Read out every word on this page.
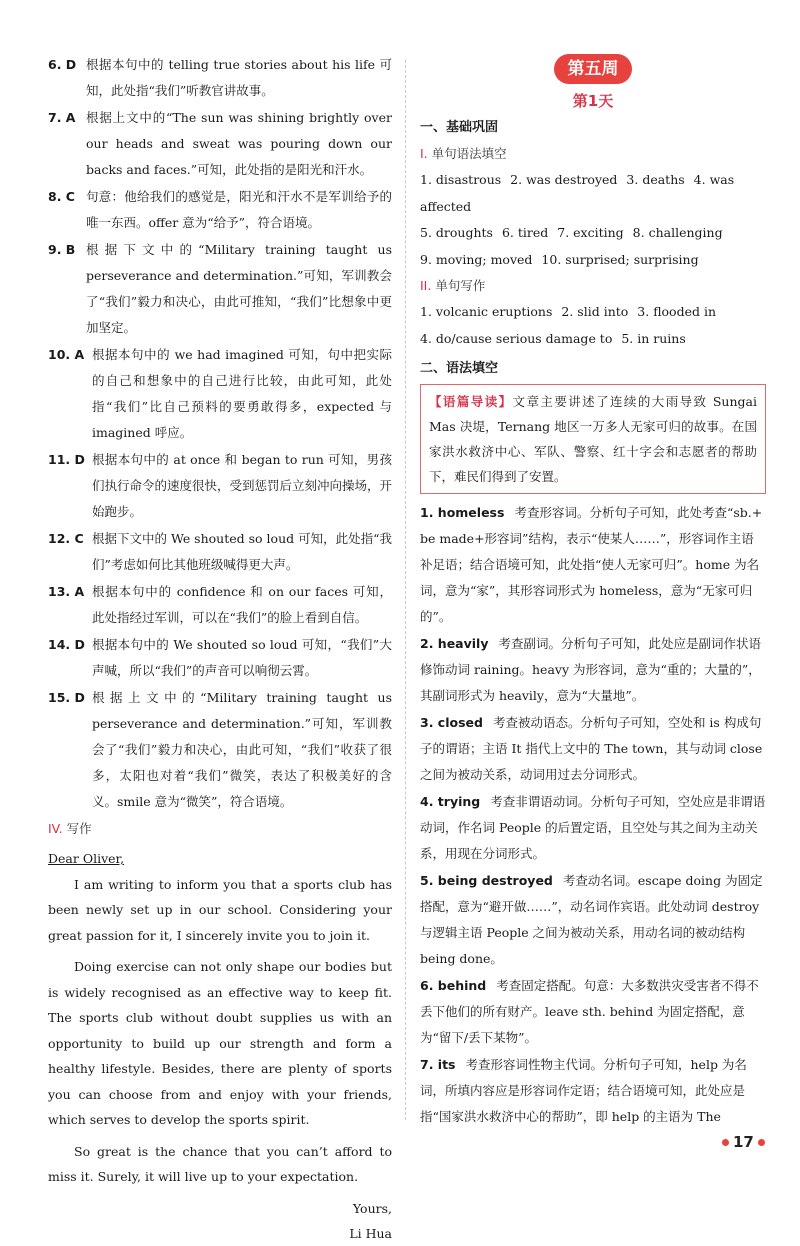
6. D 根据本句中的 telling true stories about his life 可知，此处指“我们”听教官讲故事。
7. A 根据上文中的“The sun was shining brightly over our heads and sweat was pouring down our backs and faces.”可知，此处指的是阳光和汗水。
8. C 句意：他给我们的感觉是，阳光和汗水不是军训给予的唯一东西。offer 意为“给予”，符合语境。
9. B 根据下文中的“Military training taught us perseverance and determination.”可知，军训教会了“我们”毅力和决心，由此可推知，“我们”比想象中更加坚定。
10. A 根据本句中的 we had imagined 可知，句中把实际的自己和想象中的自己进行比较，由此可知，此处指“我们”比自己预料的要勇敢得多，expected 与 imagined 呼应。
11. D 根据本句中的 at once 和 began to run 可知，男孩们执行命令的速度很快，受到惩罚后立刻冲向操场，开始跑步。
12. C 根据下文中的 We shouted so loud 可知，此处指“我们”考虑如何比其他班级喊得更大声。
13. A 根据本句中的 confidence 和 on our faces 可知，此处指经过军训，可以在“我们”的脸上看到自信。
14. D 根据本句中的 We shouted so loud 可知，“我们”大声喊，所以“我们”的声音可以响彻云霄。
15. D 根据上文中的“Military training taught us perseverance and determination.”可知，军训教会了“我们”毅力和决心，由此可知，“我们”收获了很多，太阳也对着“我们”微笑，表达了积极美好的含义。smile 意为“微笑”，符合语境。
IV. 写作
Dear Oliver,

I am writing to inform you that a sports club has been newly set up in our school. Considering your great passion for it, I sincerely invite you to join it.

Doing exercise can not only shape our bodies but is widely recognised as an effective way to keep fit. The sports club without doubt supplies us with an opportunity to build up our strength and form a healthy lifestyle. Besides, there are plenty of sports you can choose from and enjoy with your friends, which serves to develop the sports spirit.

So great is the chance that you can’t afford to miss it. Surely, it will live up to your expectation.

Yours,
Li Hua
第五周
第1天
一、基础巩固
I. 单句语法填空
1. disastrous 2. was destroyed 3. deaths 4. was affected
5. droughts 6. tired 7. exciting 8. challenging
9. moving; moved 10. surprised; surprising
II. 单句写作
1. volcanic eruptions 2. slid into 3. flooded in
4. do/cause serious damage to 5. in ruins
二、语法填空
【语篇导读】文章主要讲述了连续的大雨导致 Sungai Mas 决堤，Ternang 地区一万多人无家可归的故事。在国家洪水救济中心、军队、警察、红十字会和志愿者的帮助下，难民们得到了安置。
1. homeless 考查形容词。分析句子可知，此处考查“sb.+ be made+形容词”结构，表示“使某人……”，形容词作主语补足语；结合语境可知，此处指“使人无家可归”。home 为名词，意为“家”，其形容词形式为 homeless，意为“无家可归的”。
2. heavily 考查副词。分析句子可知，此处应是副词作状语修饰动词 raining。heavy 为形容词，意为“重的；大量的”，其副词形式为 heavily，意为“大量地”。
3. closed 考查被动语态。分析句子可知，空处和 is 构成句子的谓语；主语 It 指代上文中的 The town，其与动词 close 之间为被动关系，动词用过去分词形式。
4. trying 考查非谓语动词。分析句子可知，空处应是非谓语动词，作名词 People 的后置定语，且空处与其之间为主动关系，用现在分词形式。
5. being destroyed 考查动名词。escape doing 为固定搭配，意为“避开做……”，动名词作宾语。此处动词 destroy 与逻辑主语 People 之间为被动关系，用动名词的被动结构 being done。
6. behind 考查固定搭配。句意：大多数洪灾受害者不得不丢下他们的所有财产。leave sth. behind 为固定搭配，意为“留下/丢下某物”。
7. its 考查形容词性物主代词。分析句子可知，help 为名词，所填内容应是形容词作定语；结合语境可知，此处应是指“国家洪水救济中心的帮助”，即 help 的主语为 The
17
